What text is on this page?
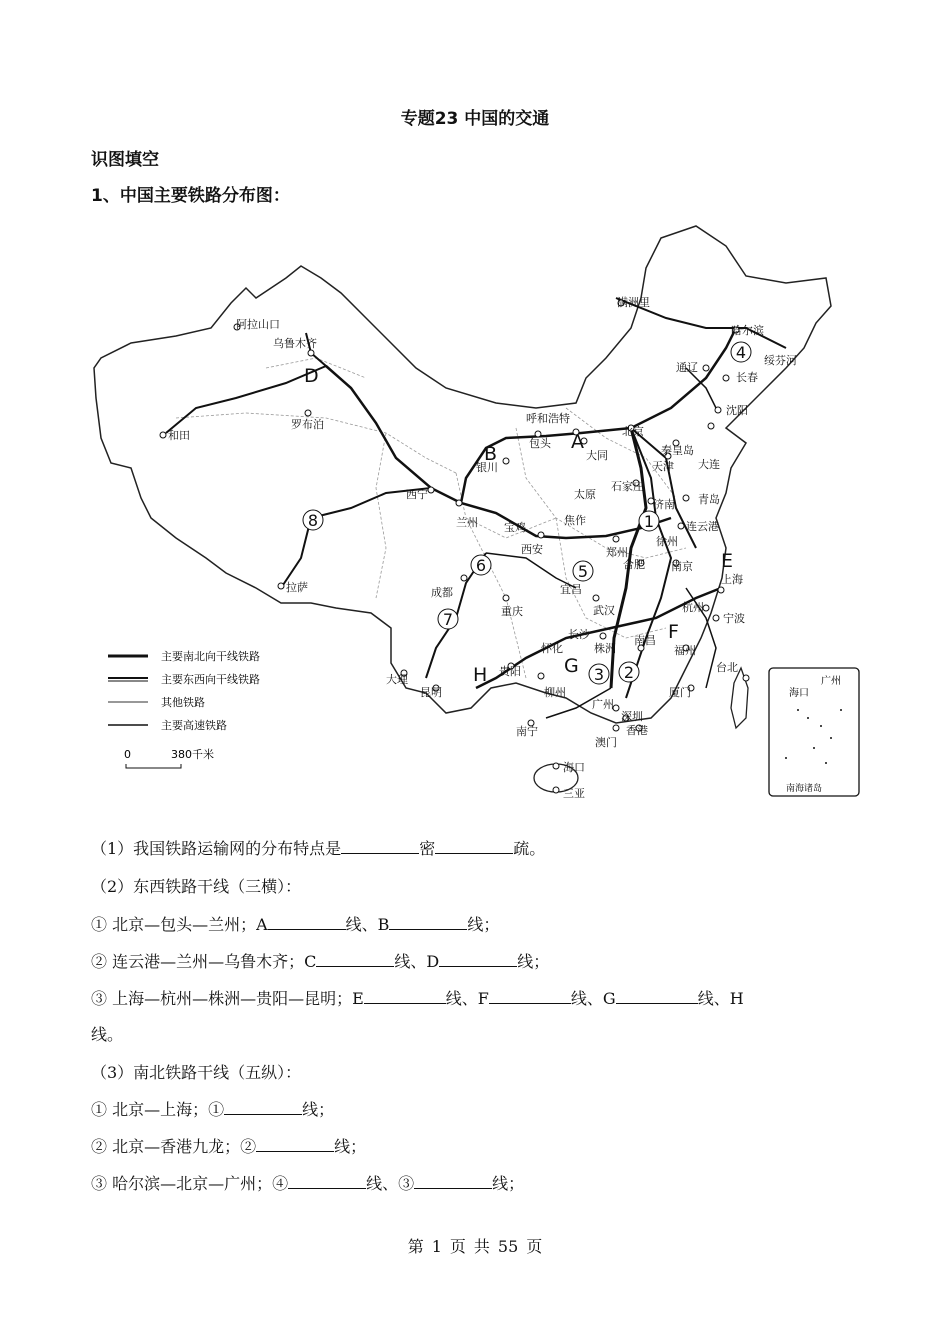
专题23 中国的交通
识图填空
1、中国主要铁路分布图：
满洲里
哈尔滨
绥芬河
通辽
长春
沈阳
大连
秦皇岛
天津
北京
呼和浩特
包头
大同
银川
太原
石家庄
济南 青岛
连云港
徐州
郑州
焦作
西安
宝鸡
兰州
西宁
阿拉山口
乌鲁木齐
罗布泊
和田
拉萨	成都
重庆
宜昌
武汉
合肥 南京
上海
杭州
宁波
南昌
福州
厦门
台北
长沙
株洲
怀化
贵阳
柳州
昆明
大理
南宁
广州
深圳
香港
澳门
海口
三亚
A
B
G
D
E
F
H
8
6	5
1
2
3
4
7
主要南北向干线铁路
主要东西向干线铁路
其他铁路
主要高速铁路
0	380千米
海口
广州
南海诸岛
（1）我国铁路运输网的分布特点是	密	疏。
（2）东西铁路干线（三横）：
① 北京—包头—兰州；A	线、B	线；
② 连云港—兰州—乌鲁木齐；C	线、D	线；
③ 上海—杭州—株洲—贵阳—昆明；E	线、F	线、G	线、H
线。
（3）南北铁路干线（五纵）：
① 北京—上海；①	线；
② 北京—香港九龙；②	线；
③ 哈尔滨—北京—广州；④	线、③	线；
第 1 页 共 55 页
